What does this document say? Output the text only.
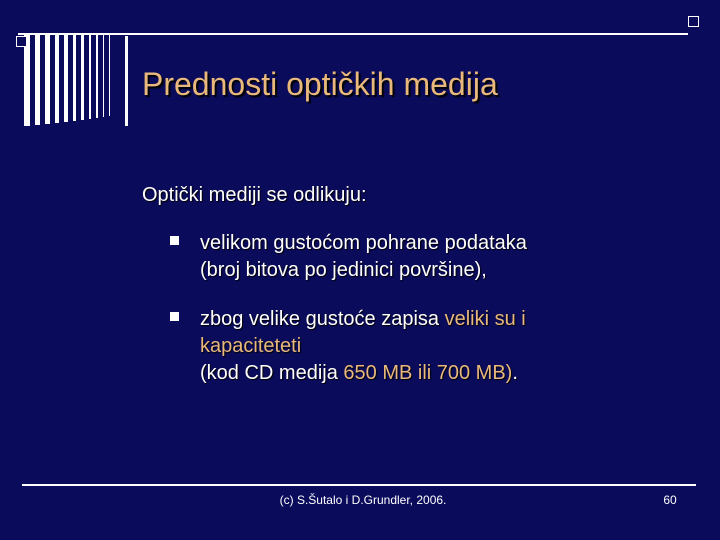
Prednosti optičkih medija
Optički mediji se odlikuju:
velikom gustoćom pohrane podataka
(broj bitova po jedinici površine),
zbog velike gustoće zapisa veliki su i
kapaciteteti
(kod CD medija 650 MB ili 700 MB).
(c) S.Šutalo i D.Grundler, 2006.	60
